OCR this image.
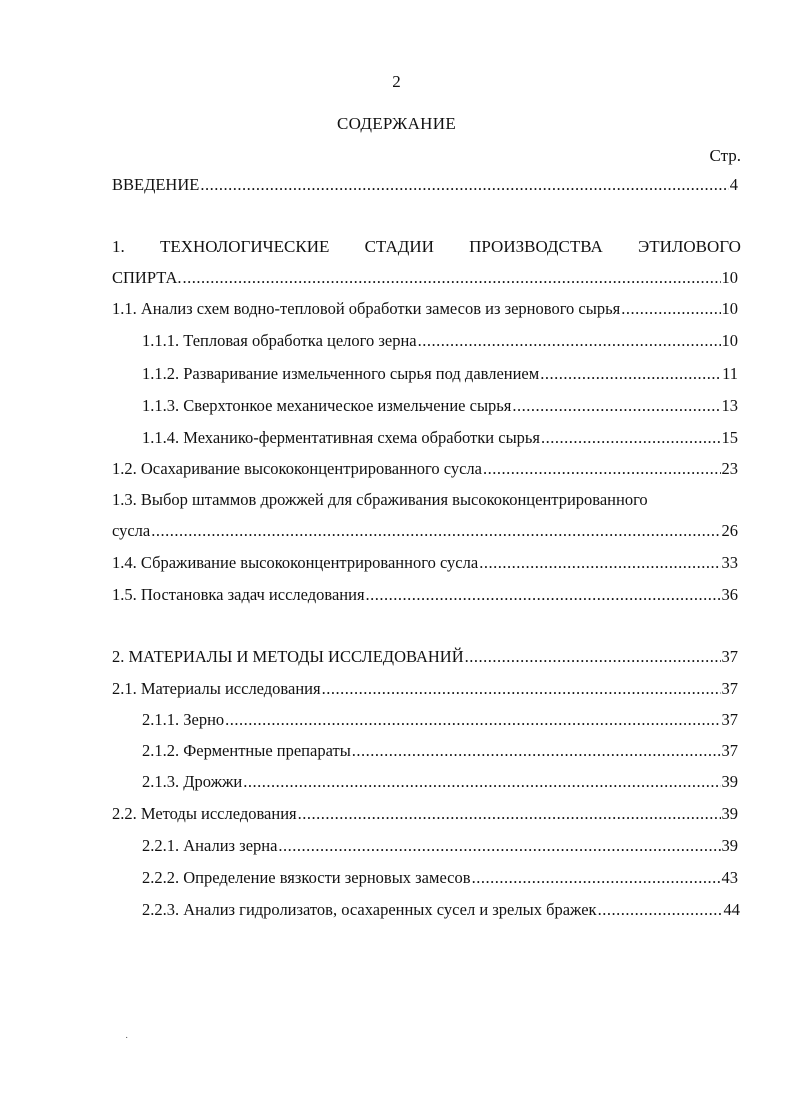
2
СОДЕРЖАНИЕ
Стр.
ВВЕДЕНИЕ .....	4
1. ТЕХНОЛОГИЧЕСКИЕ СТАДИИ ПРОИЗВОДСТВА ЭТИЛОВОГО
СПИРТА. .....	10
1.1. Анализ схем водно-тепловой обработки замесов из зернового сырья .....	10
1.1.1. Тепловая обработка целого зерна .....	10
1.1.2. Разваривание измельченного сырья под давлением .....	11
1.1.3. Сверхтонкое механическое измельчение сырья .....	13
1.1.4. Механико-ферментативная схема обработки сырья .....	15
1.2. Осахаривание высококонцентрированного сусла .....	23
1.3. Выбор штаммов дрожжей для сбраживания высококонцентрированного
сусла .....	26
1.4. Сбраживание высококонцентрированного сусла .....	33
1.5. Постановка задач исследования .....	36
2. МАТЕРИАЛЫ И МЕТОДЫ ИССЛЕДОВАНИЙ .....	37
2.1. Материалы исследования .....	37
2.1.1. Зерно .....	37
2.1.2. Ферментные препараты .....	37
2.1.3. Дрожжи .....	39
2.2. Методы исследования .....	39
2.2.1. Анализ зерна .....	39
2.2.2. Определение вязкости зерновых замесов .....	43
2.2.3. Анализ гидролизатов, осахаренных сусел и зрелых бражек .....	44
˙
